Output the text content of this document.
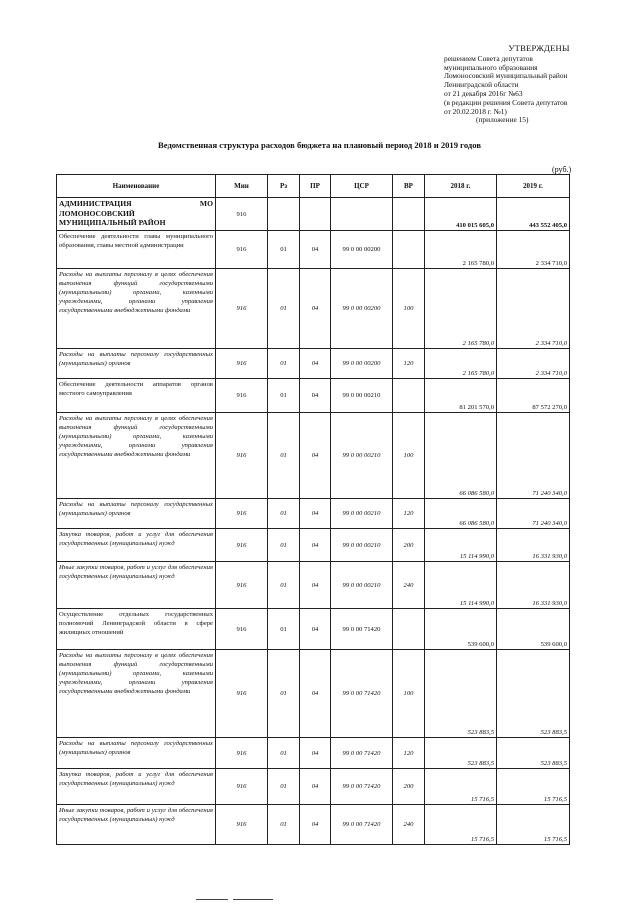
УТВЕРЖДЕНЫ
решением Совета депутатов
муниципального образования
Ломоносовский муниципальный район
Ленинградской области
от 21 декабря 2016г №63
(в редакции решения Совета депутатов
от 20.02.2018 г. №1)
(приложение 15)
Ведомственная структура расходов бюджета на плановый период 2018 и 2019 годов
(руб.)
Наименование	Мин	Рз	ПР	ЦСР	ВР	2018 г.	2019 г.
АДМИНИСТРАЦИЯ МО ЛОМОНОСОВСКИЙ МУНИЦИПАЛЬНЫЙ РАЙОН	916					410 015 605,0	443 552 405,0
Обеспечение деятельности главы муниципального образования, главы местной администрации	916	01	04	99 0 00 00200		2 165 780,0	2 334 710,0
Расходы на выплаты персоналу в целях обеспечения выполнения функций государственными (муниципальными) органами, казенными учреждениями, органами управления государственными внебюджетными фондами	916	01	04	99 0 00 00200	100	2 165 780,0	2 334 710,0
Расходы на выплаты персоналу государственных (муниципальных) органов	916	01	04	99 0 00 00200	120	2 165 780,0	2 334 710,0
Обеспечение деятельности аппаратов органов местного самоуправления	916	01	04	99 0 00 00210		81 201 570,0	87 572 270,0
Расходы на выплаты персоналу в целях обеспечения выполнения функций государственными (муниципальными) органами, казенными учреждениями, органами управления государственными внебюджетными фондами	916	01	04	99 0 00 00210	100	66 086 580,0	71 240 340,0
Расходы на выплаты персоналу государственных (муниципальных) органов	916	01	04	99 0 00 00210	120	66 086 580,0	71 240 340,0
Закупка товаров, работ и услуг для обеспечения государственных (муниципальных) нужд	916	01	04	99 0 00 00210	200	15 114 990,0	16 331 930,0
Иные закупки товаров, работ и услуг для обеспечения государственных (муниципальных) нужд	916	01	04	99 0 00 00210	240	15 114 990,0	16 331 930,0
Осуществление отдельных государственных полномочий Ленинградской области в сфере жилищных отношений	916	01	04	99 0 00 71420		539 600,0	539 600,0
Расходы на выплаты персоналу в целях обеспечения выполнения функций государственными (муниципальными) органами, казенными учреждениями, органами управления государственными внебюджетными фондами	916	01	04	99 0 00 71420	100	523 883,5	523 883,5
Расходы на выплаты персоналу государственных (муниципальных) органов	916	01	04	99 0 00 71420	120	523 883,5	523 883,5
Закупка товаров, работ и услуг для обеспечения государственных (муниципальных) нужд	916	01	04	99 0 00 71420	200	15 716,5	15 716,5
Иные закупки товаров, работ и услуг для обеспечения государственных (муниципальных) нужд	916	01	04	99 0 00 71420	240	15 716,5	15 716,5
